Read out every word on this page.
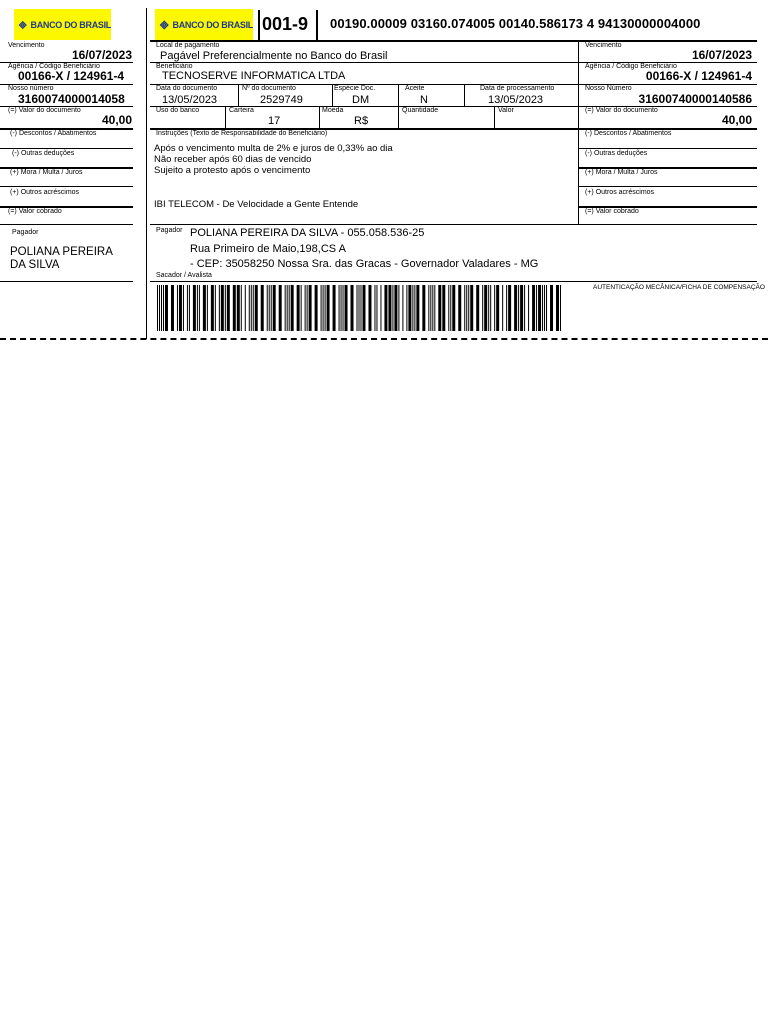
BANCO DO BRASIL
Vencimento
16/07/2023
Agência / Código Beneficiário
00166-X / 124961-4
Nosso número
3160074000014058
(=) Valor do documento
40,00
(-) Descontos / Abatimentos
(-) Outras deduções
(+) Mora / Multa / Juros
(+) Outros acréscimos
(=) Valor cobrado
Pagador
POLIANA PEREIRA
DA SILVA
BANCO DO BRASIL 001-9 00190.00009 03160.074005 00140.586173 4 94130000004000
Local de pagamento
Pagável Preferencialmente no Banco do Brasil
Beneficiário
TECNOSERVE INFORMATICA LTDA
Data do documento
13/05/2023
Nº do documento
2529749
Espécie Doc.
DM
Aceite
N
Data de processamento
13/05/2023
Uso do banco	Carteira
17
Moeda
R$
Quantidade	Valor
Instruções (Texto de Responsabilidade do Beneficiário)
Após o vencimento multa de 2% e juros de 0,33% ao dia
Não receber após 60 dias de vencido
Sujeito a protesto após o vencimento
IBI TELECOM - De Velocidade a Gente Entende
Vencimento
16/07/2023
Agência / Código Beneficiário
00166-X / 124961-4
Nosso Número
31600740000140586
(=) Valor do documento
40,00
(-) Descontos / Abatimentos
(-) Outras deduções
(+) Mora / Multa / Juros
(+) Outros acréscimos
(=) Valor cobrado
Pagador POLIANA PEREIRA DA SILVA - 055.058.536-25
Rua Primeiro de Maio,198,CS A
- CEP: 35058250 Nossa Sra. das Gracas - Governador Valadares - MG
Sacador / Avalista
AUTENTICAÇÃO MECÂNICA/FICHA DE COMPENSAÇÃO
